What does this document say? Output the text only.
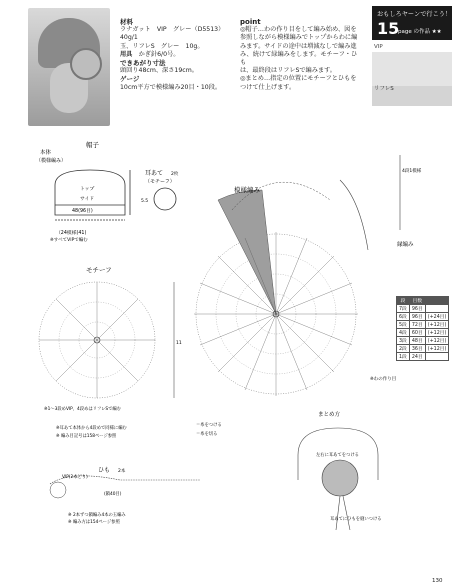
材料
ラナガット　VIP　グレー（D5513）40g/1
玉、リフレS　グレー　10g。
用具　 かぎ針6/0号。
できあがり寸法
頭回り48cm、深さ19cm。
ゲージ
10cm平方で模様編み20目・10段。
point
◎帽子…わの作り目をして編み始め、図を
参照しながら模様編みでトップからわに編
みます。サイドの途中は増減なしで編み進
み、続けて緑編みをします。モチーフ・ひも
は、最終段はリフレSで編みます。
◎まとめ…指定の位置にモチーフとひもを
つけて仕上げます。
おもしろヤーンで行こう！
15
page の作品 ★★
VIP
リフレS
帽子
本体
（模様編み）
トップ
サイド
48(96目)
（24模様(41)
※すべてVIPで編む
耳あて 2枚
（モチーフ）
5.5
模様編み
縁編み
4段1模様
※わの作り目
モチーフ
11
※1～3段めVIP、4段めはリフレSで編む
※耳あて本体から4段めで同様に編む
※ 編み目記号は158ページ参照
＝糸をつける
＝糸を切る
ひも 2本
VIP(2本どり)
(鎖40目)
※ 2本ずつ鎖編み4本の玉編み
※ 編み方は154ページ参照
まとめ方
左右に耳あてをつける
耳あてにひもを縫いつける
段	目数	
7段	96目	
6段	96目	(+24目)
5段	72目	(+12目)
4段	60目	(+12目)
3段	48目	(+12目)
2段	36目	(+12目)
1段	24目	
130
